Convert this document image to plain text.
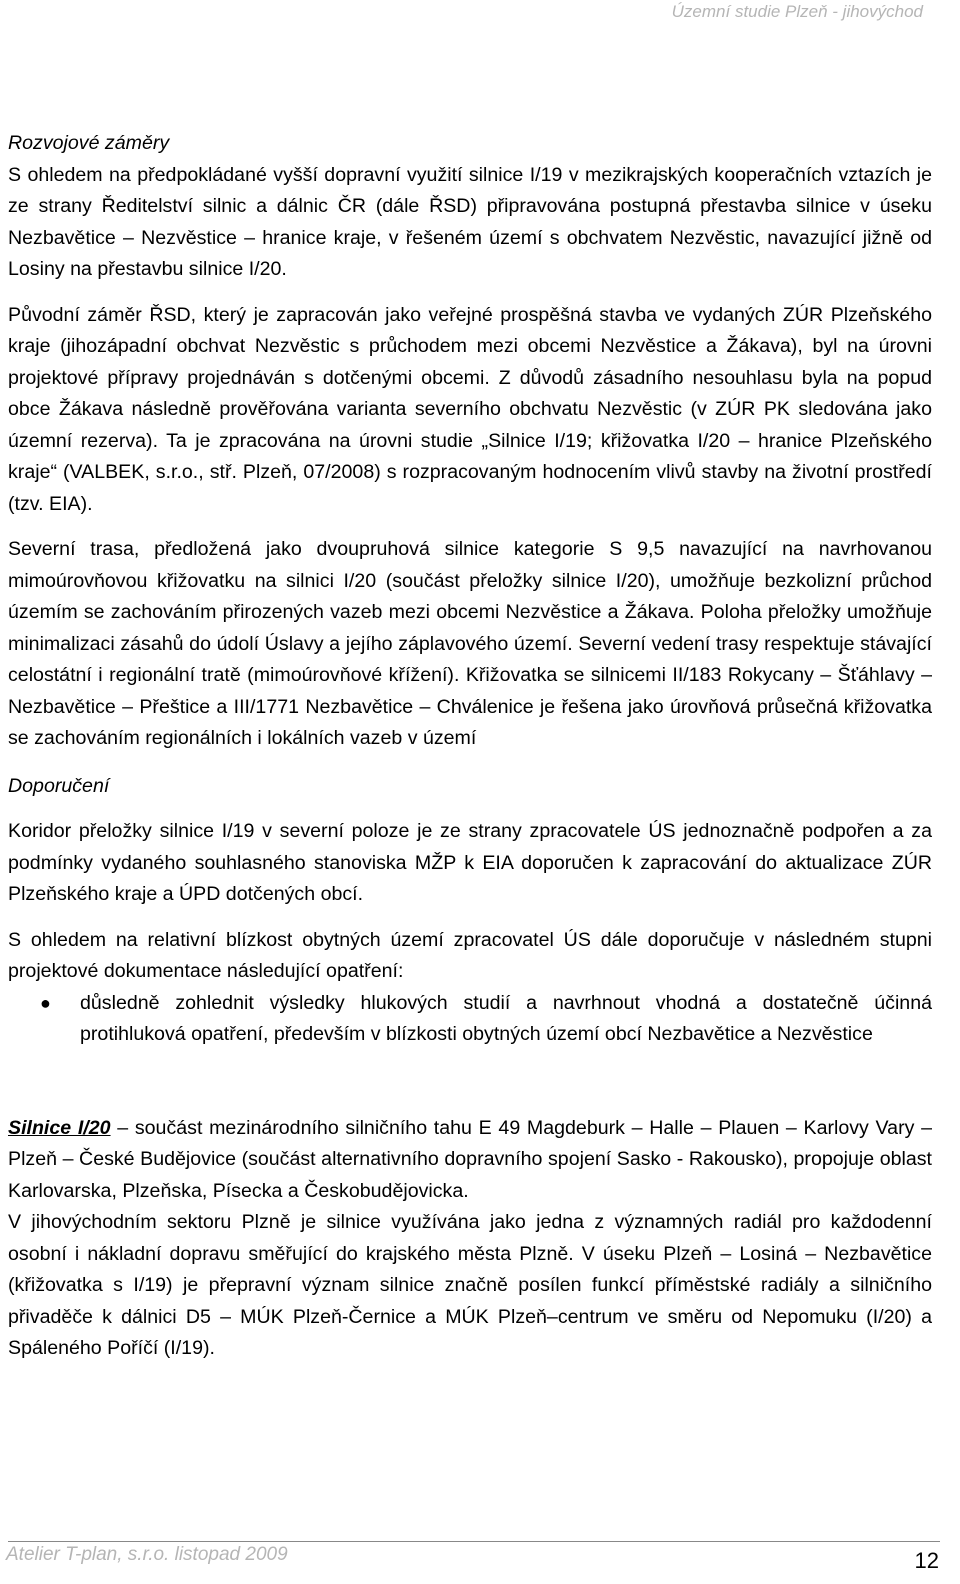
Územní studie Plzeň - jihovýchod

Rozvojové záměry

S ohledem na předpokládané vyšší dopravní využití silnice I/19 v mezikrajských kooperačních vztazích je ze strany Ředitelství silnic a dálnic ČR (dále ŘSD) připravována postupná přestavba silnice v úseku Nezbavětice – Nezvěstice – hranice kraje, v řešeném území s obchvatem Nezvěstic, navazující jižně od Losiny na přestavbu silnice I/20.

Původní záměr ŘSD, který je zapracován jako veřejné prospěšná stavba ve vydaných ZÚR Plzeňského kraje (jihozápadní obchvat Nezvěstic s průchodem mezi obcemi Nezvěstice a Žákava), byl na úrovni projektové přípravy projednáván s dotčenými obcemi. Z důvodů zásadního nesouhlasu byla na popud obce Žákava následně prověřována varianta severního obchvatu Nezvěstic (v ZÚR PK sledována jako územní rezerva). Ta je zpracována na úrovni studie „Silnice I/19; křižovatka I/20 – hranice Plzeňského kraje“ (VALBEK, s.r.o., stř. Plzeň, 07/2008) s rozpracovaným hodnocením vlivů stavby na životní prostředí (tzv. EIA).

Severní trasa, předložená jako dvoupruhová silnice kategorie S 9,5 navazující na navrhovanou mimoúrovňovou křižovatku na silnici I/20 (součást přeložky silnice I/20), umožňuje bezkolizní průchod územím se zachováním přirozených vazeb mezi obcemi Nezvěstice a Žákava. Poloha přeložky umožňuje minimalizaci zásahů do údolí Úslavy a jejího záplavového území. Severní vedení trasy respektuje stávající celostátní i regionální tratě (mimoúrovňové křížení). Křižovatka se silnicemi II/183 Rokycany – Šťáhlavy – Nezbavětice – Přeštice a III/1771 Nezbavětice – Chválenice je řešena jako úrovňová průsečná křižovatka se zachováním regionálních i lokálních vazeb v území

Doporučení

Koridor přeložky silnice I/19 v severní poloze je ze strany zpracovatele ÚS jednoznačně podpořen a za podmínky vydaného souhlasného stanoviska MŽP k EIA doporučen k zapracování do aktualizace ZÚR Plzeňského kraje a ÚPD dotčených obcí.

S ohledem na relativní blízkost obytných území zpracovatel ÚS dále doporučuje v následném stupni projektové dokumentace následující opatření:

● důsledně zohlednit výsledky hlukových studií a navrhnout vhodná a dostatečně účinná protihluková opatření, především v blízkosti obytných území obcí Nezbavětice a Nezvěstice

Silnice I/20 – součást mezinárodního silničního tahu E 49 Magdeburk – Halle – Plauen – Karlovy Vary – Plzeň – České Budějovice (součást alternativního dopravního spojení Sasko - Rakousko), propojuje oblast Karlovarska, Plzeňska, Písecka a Českobudějovicka.

V jihovýchodním sektoru Plzně je silnice využívána jako jedna z významných radiál pro každodenní osobní i nákladní dopravu směřující do krajského města Plzně. V úseku Plzeň – Losiná – Nezbavětice (křižovatka s I/19) je přepravní význam silnice značně posílen funkcí příměstské radiály a silničního přivaděče k dálnici D5 – MÚK Plzeň-Černice a MÚK Plzeň–centrum ve směru od Nepomuku (I/20) a Spáleného Poříčí (I/19).

Atelier T-plan, s.r.o. listopad 2009	12
